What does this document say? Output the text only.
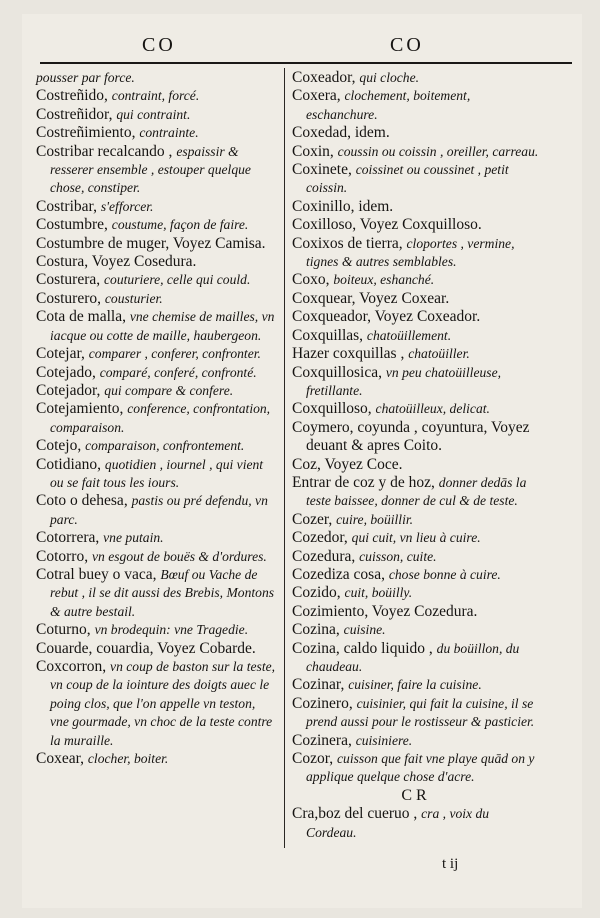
CO	CO

pousser par force.

Costreñido, contraint, forcé.

Costreñidor, qui contraint.

Costreñimiento, contrainte.

Costribar recalcando , espaissir & resserer ensemble , estouper quelque chose, constiper.

Costribar, s'efforcer.

Costumbre, coustume, façon de faire.

Costumbre de muger, Voyez Camisa.

Costura, Voyez Cosedura.

Costurera, couturiere, celle qui could.

Costurero, cousturier.

Cota de malla, vne chemise de mailles, vn iacque ou cotte de maille, haubergeon.

Cotejar, comparer , conferer, confronter.

Cotejado, comparé, conferé, confronté.

Cotejador, qui compare & confere.

Cotejamiento, conference, confrontation, comparaison.

Cotejo, comparaison, confrontement.

Cotidiano, quotidien , iournel , qui vient ou se fait tous les iours.

Coto o dehesa, pastis ou pré defendu, vn parc.

Cotorrera, vne putain.

Cotorro, vn esgout de bouës & d'ordures.

Cotral buey o vaca, Bœuf ou Vache de rebut , il se dit aussi des Brebis, Montons & autre bestail.

Coturno, vn brodequin: vne Tragedie.

Couarde, couardia, Voyez Cobarde.

Coxcorron, vn coup de baston sur la teste, vn coup de la iointure des doigts auec le poing clos, que l'on appelle vn teston, vne gourmade, vn choc de la teste contre la muraille.

Coxear, clocher, boiter.

Coxeador, qui cloche.

Coxera, clochement, boitement, eschanchure.

Coxedad, idem.

Coxin, coussin ou coissin , oreiller, carreau.

Coxinete, coissinet ou coussinet , petit coissin.

Coxinillo, idem.

Coxilloso, Voyez Coxquilloso.

Coxixos de tierra, cloportes , vermine, tignes & autres semblables.

Coxo, boiteux, eshanché.

Coxquear, Voyez Coxear.

Coxqueador, Voyez Coxeador.

Coxquillas, chatoüillement.

Hazer coxquillas , chatoüiller.

Coxquillosica, vn peu chatoüilleuse, fretillante.

Coxquilloso, chatoüilleux, delicat.

Coymero, coyunda , coyuntura, Voyez deuant & apres Coito.

Coz, Voyez Coce.

Entrar de coz y de hoz, donner dedās la teste baissee, donner de cul & de teste.

Cozer, cuire, boüillir.

Cozedor, qui cuit, vn lieu à cuire.

Cozedura, cuisson, cuite.

Cozediza cosa, chose bonne à cuire.

Cozido, cuit, boüilly.

Cozimiento, Voyez Cozedura.

Cozina, cuisine.

Cozina, caldo liquido , du boüillon, du chaudeau.

Cozinar, cuisiner, faire la cuisine.

Cozinero, cuisinier, qui fait la cuisine, il se prend aussi pour le rostisseur & pasticier.

Cozinera, cuisiniere.

Cozor, cuisson que fait vne playe quād on y applique quelque chose d'acre.

CR

Cra,boz del cueruo , cra , voix du Cordeau.

t ij
